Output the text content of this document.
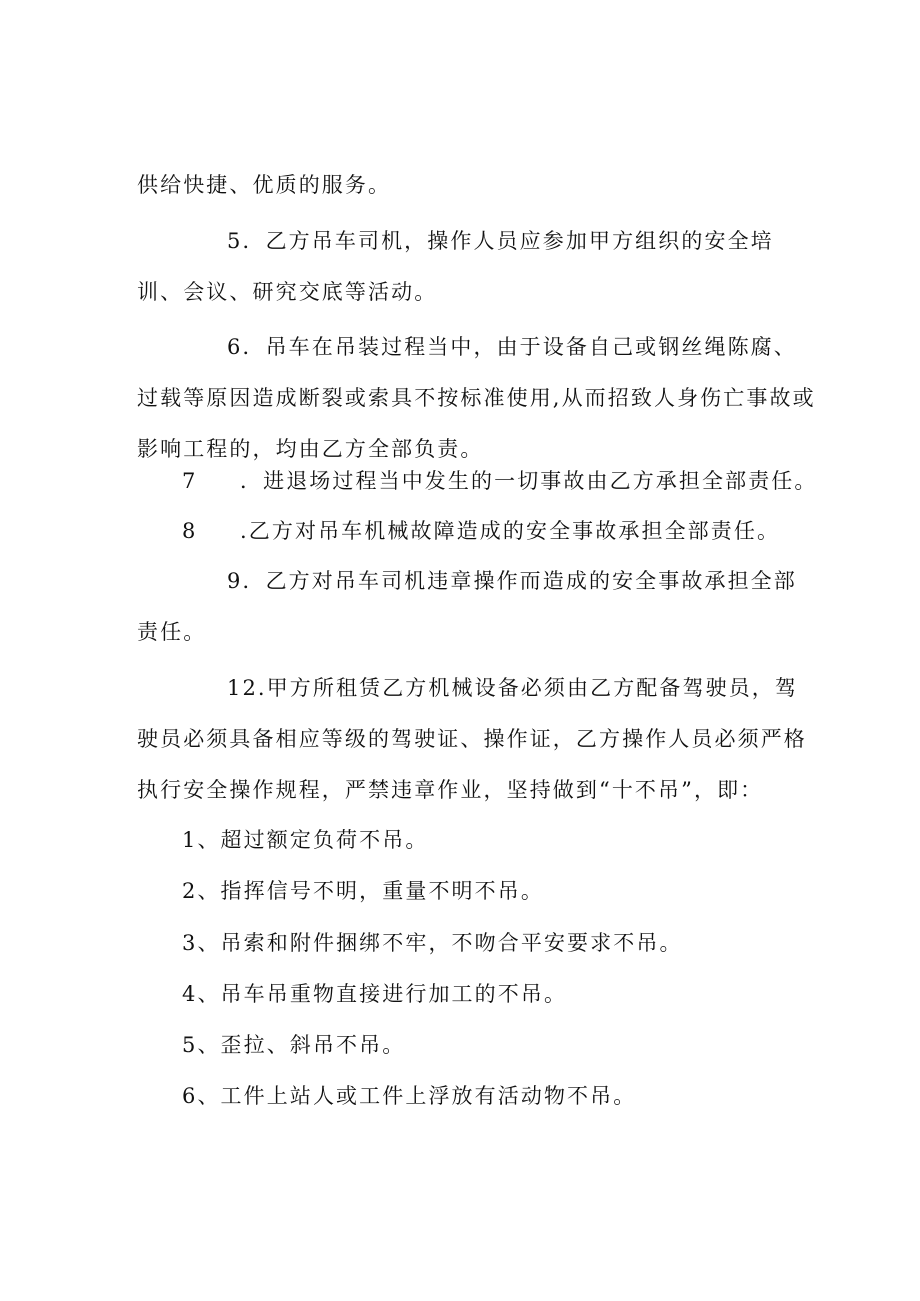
供给快捷、优质的服务。
5．乙方吊车司机，操作人员应参加甲方组织的安全培训、会议、研究交底等活动。
6．吊车在吊装过程当中，由于设备自己或钢丝绳陈腐、过载等原因造成断裂或索具不按标准使用,从而招致人身伤亡事故或影响工程的，均由乙方全部负责。
7 ．进退场过程当中发生的一切事故由乙方承担全部责任。
8 .乙方对吊车机械故障造成的安全事故承担全部责任。
9．乙方对吊车司机违章操作而造成的安全事故承担全部责任。
12.甲方所租赁乙方机械设备必须由乙方配备驾驶员，驾驶员必须具备相应等级的驾驶证、操作证，乙方操作人员必须严格执行安全操作规程，严禁违章作业，坚持做到“十不吊”，即：
1、超过额定负荷不吊。
2、指挥信号不明，重量不明不吊。
3、吊索和附件捆绑不牢，不吻合平安要求不吊。
4、吊车吊重物直接进行加工的不吊。
5、歪拉、斜吊不吊。
6、工件上站人或工件上浮放有活动物不吊。
